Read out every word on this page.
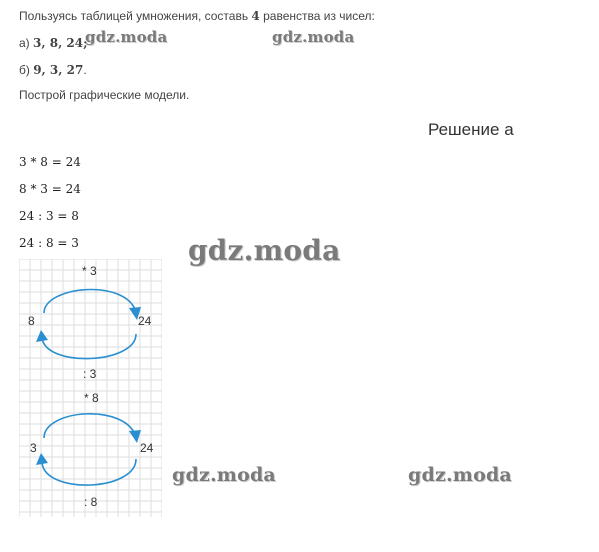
Пользуясь таблицей умножения, составь 4 равенства из чисел:
а) 3, 8, 24;
б) 9, 3, 27.
Построй графические модели.
Решение а
3 * 8 = 24
8 * 3 = 24
24 : 3 = 8
24 : 8 = 3
* 3
8	24
: 3
* 8
3	24
: 8
gdz.moda	gdz.moda
gdz.moda
gdz.moda	gdz.moda
